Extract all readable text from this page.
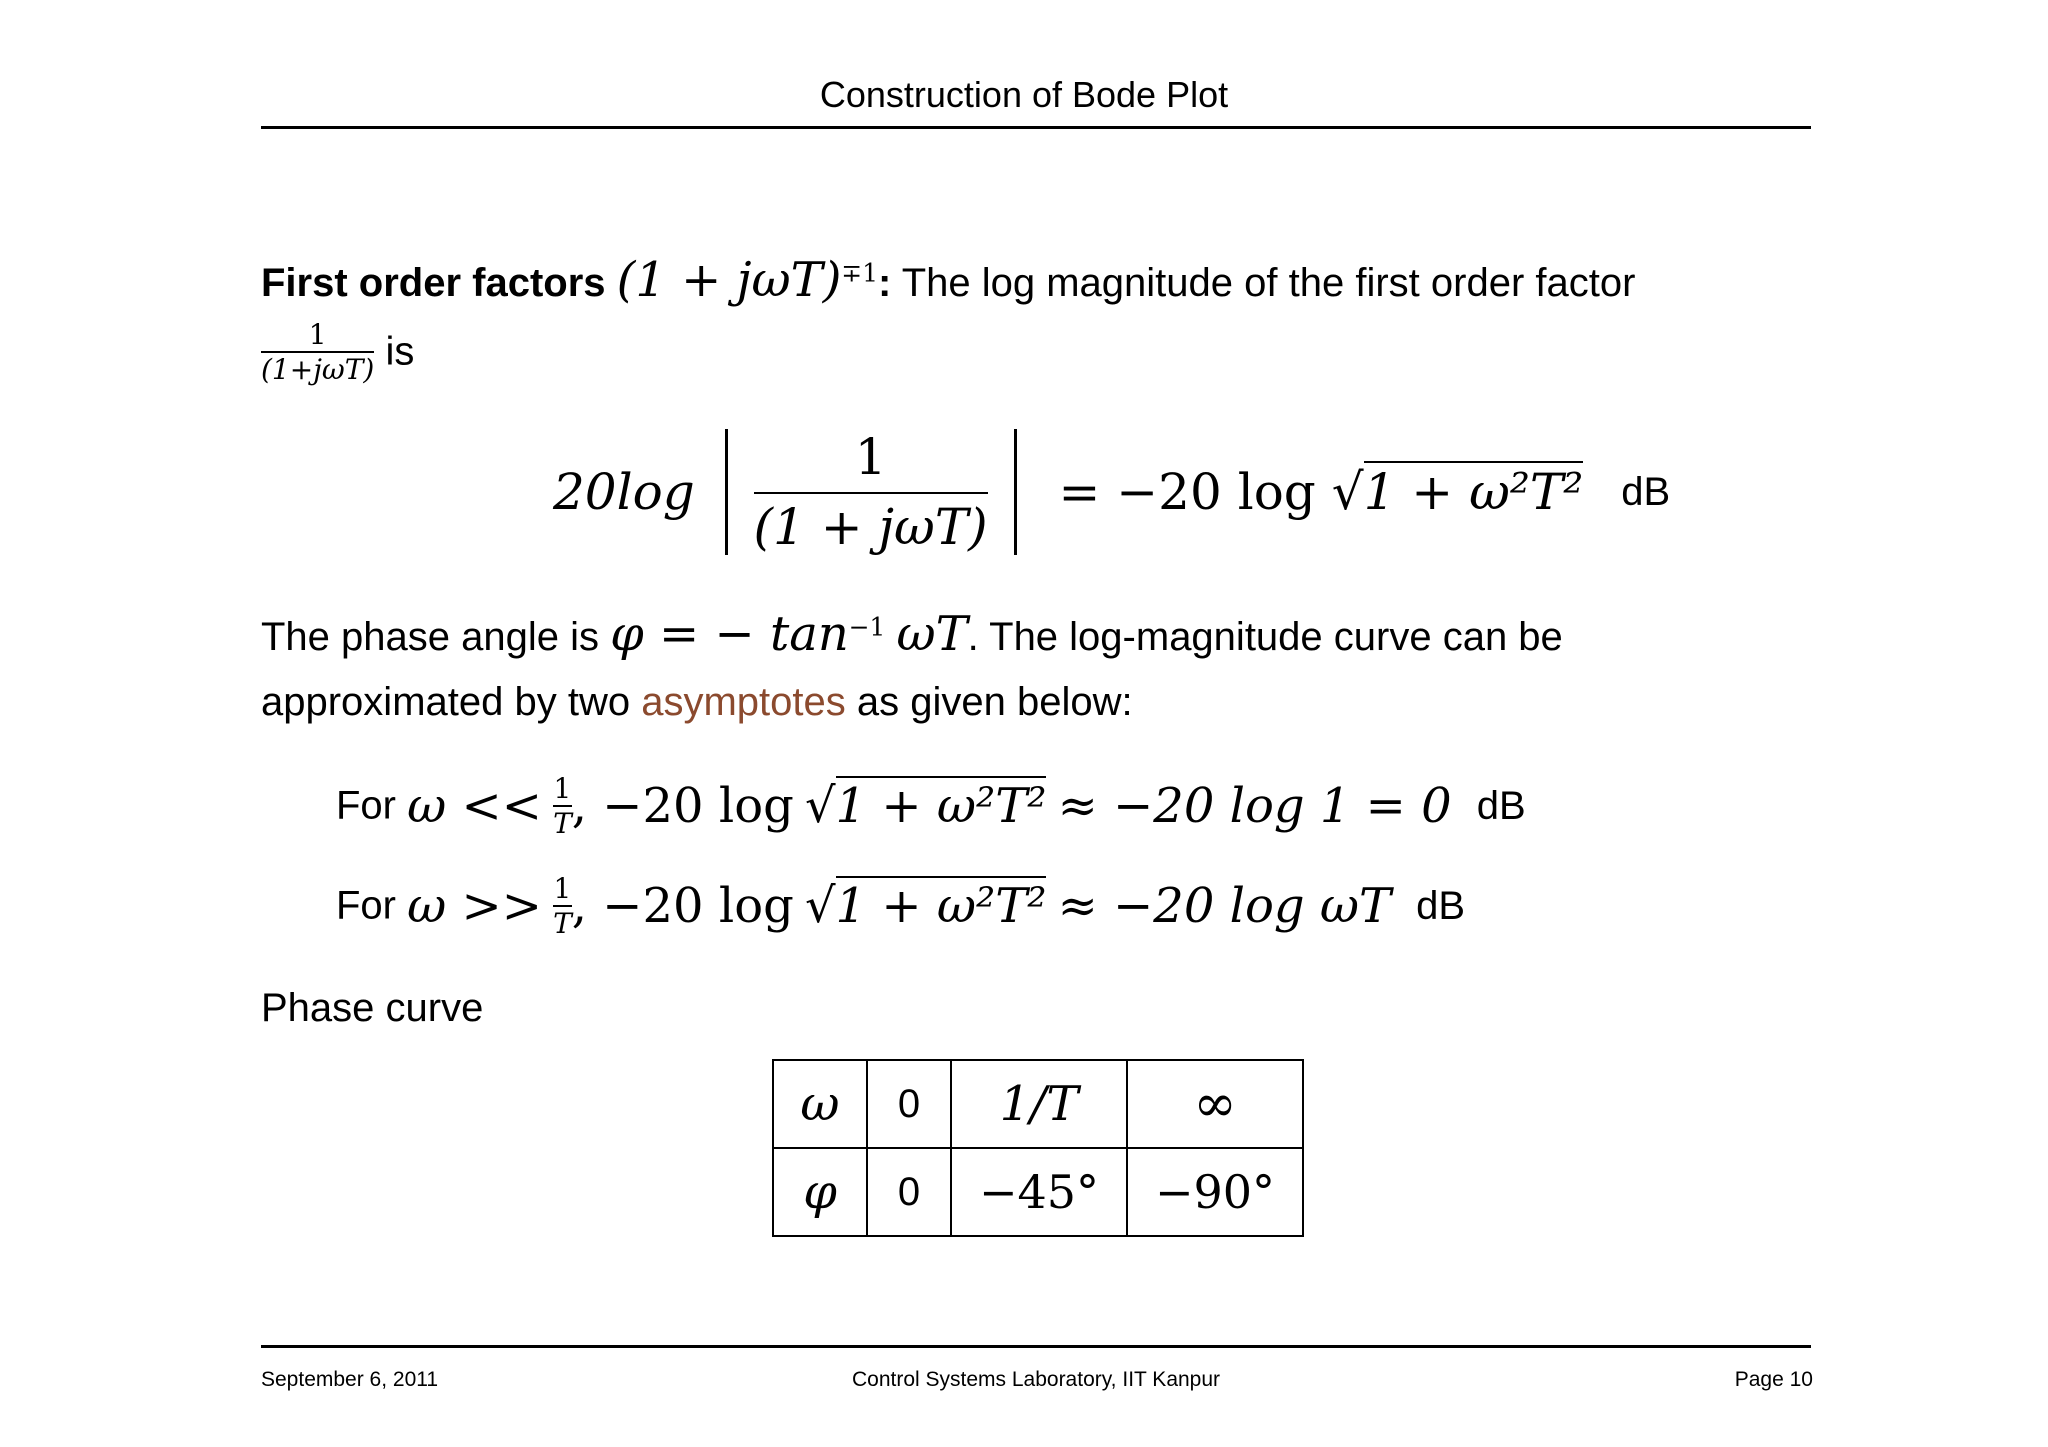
Construction of Bode Plot
First order factors $(1 + j\omega T)^{\mp 1}$: The log magnitude of the first order factor
$\frac{1}{\text{(1+jωT)}}$ is
$20\log \frac{1}{\text{(1 + jωT)}} = -20$ log √1 + ω²T² dB
The phase angle is φ = − $\tan^{-1} \omega T$. The log-magnitude curve can be
approximated by two asymptotes as given below:
For $\omega << \frac{1}{T}$ , −20 log √1 + ω²T² ≈ −20 log 1 = 0 dB
For $\omega >> \frac{1}{T}$ , −20 log √1 + ω²T² ≈ −20 log ωT dB
Phase curve
ω	0	1/T	∞
φ	0	−45°	−90°
September 6, 2011	Control Systems Laboratory, IIT Kanpur	Page 10
